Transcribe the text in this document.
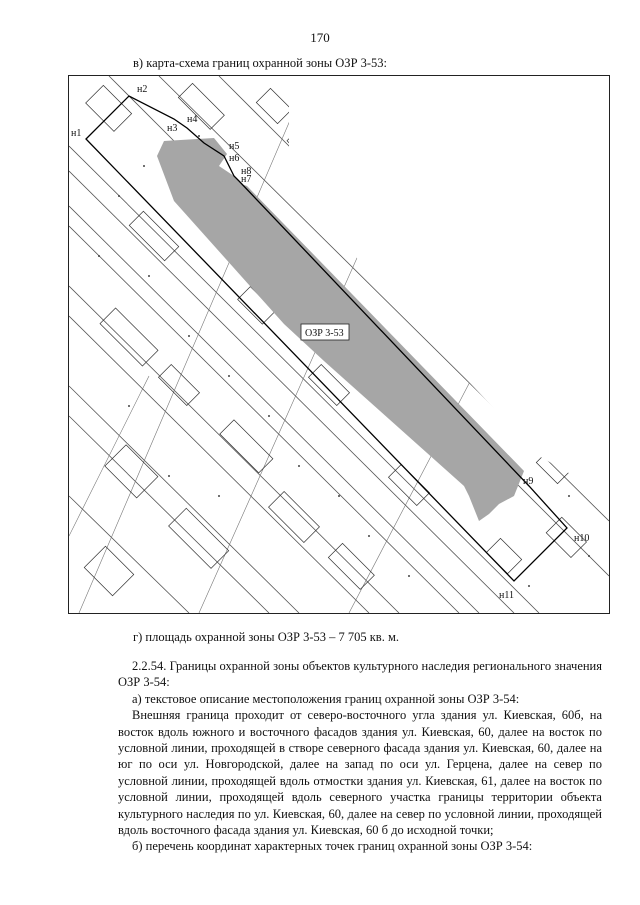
170
в) карта-схема границ охранной зоны ОЗР 3-53:
ОЗР 3-53
н1
н2
н3
н4
н5
н6
н7
н8
н9
н10
н11
г) площадь охранной зоны ОЗР 3-53 – 7 705 кв. м.

2.2.54. Границы охранной зоны объектов культурного наследия регионального значения ОЗР 3-54:

а) текстовое описание местоположения границ охранной зоны ОЗР 3-54:

Внешняя граница проходит от северо-восточного угла здания ул. Киевская, 60б, на восток вдоль южного и восточного фасадов здания ул. Киевская, 60, далее на восток по условной линии, проходящей в створе северного фасада здания ул. Киевская, 60, далее на юг по оси ул. Новгородской, далее на запад по оси ул. Герцена, далее на север по условной линии, проходящей вдоль отмостки здания ул. Киевская, 61, далее на восток по условной линии, проходящей вдоль северного участка границы территории объекта культурного наследия по ул. Киевская, 60, далее на север по условной линии, проходящей вдоль восточного фасада здания ул. Киевская, 60 б до исходной точки;

б) перечень координат характерных точек границ охранной зоны ОЗР 3-54:
